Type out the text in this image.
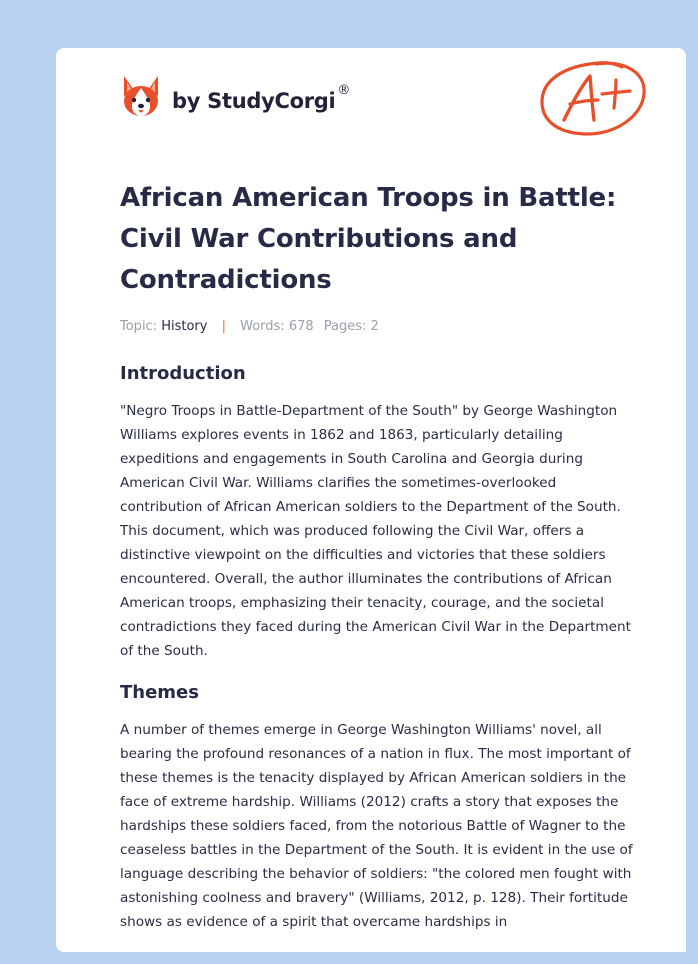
by StudyCorgi ®
African American Troops in Battle: Civil War Contributions and Contradictions
Topic: History | Words: 678 Pages: 2
Introduction

"Negro Troops in Battle-Department of the South" by George Washington Williams explores events in 1862 and 1863, particularly detailing expeditions and engagements in South Carolina and Georgia during American Civil War. Williams clarifies the sometimes-overlooked contribution of African American soldiers to the Department of the South. This document, which was produced following the Civil War, offers a distinctive viewpoint on the difficulties and victories that these soldiers encountered. Overall, the author illuminates the contributions of African American troops, emphasizing their tenacity, courage, and the societal contradictions they faced during the American Civil War in the Department of the South.

Themes

A number of themes emerge in George Washington Williams' novel, all bearing the profound resonances of a nation in flux. The most important of these themes is the tenacity displayed by African American soldiers in the face of extreme hardship. Williams (2012) crafts a story that exposes the hardships these soldiers faced, from the notorious Battle of Wagner to the ceaseless battles in the Department of the South. It is evident in the use of language describing the behavior of soldiers: "the colored men fought with astonishing coolness and bravery" (Williams, 2012, p. 128). Their fortitude shows as evidence of a spirit that overcame hardships in
